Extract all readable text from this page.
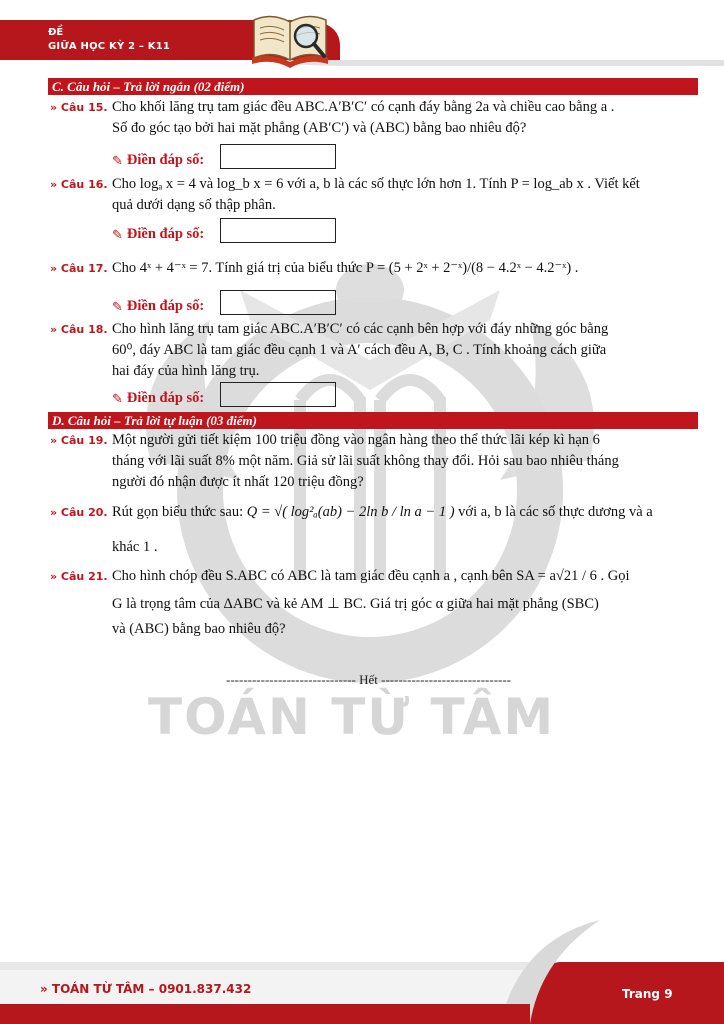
ĐỀ
GIỮA HỌC KỲ 2 – K11
TOÁN TỪ TÂM
C. Câu hỏi – Trả lời ngắn (02 điểm)
» Câu 15. Cho khối lăng trụ tam giác đều ABC.A′B′C′ có cạnh đáy bằng 2a và chiều cao bằng a .
Số đo góc tạo bởi hai mặt phẳng (AB′C′) và (ABC) bằng bao nhiêu độ?
✎ Điền đáp số:
» Câu 16. Cho logₐ x = 4 và log_b x = 6 với a, b là các số thực lớn hơn 1. Tính P = log_ab x . Viết kết
quả dưới dạng số thập phân.
✎ Điền đáp số:
» Câu 17. Cho 4ˣ + 4⁻ˣ = 7. Tính giá trị của biểu thức P = (5 + 2ˣ + 2⁻ˣ)/(8 − 4.2ˣ − 4.2⁻ˣ) .
✎ Điền đáp số:
» Câu 18. Cho hình lăng trụ tam giác ABC.A′B′C′ có các cạnh bên hợp với đáy những góc bằng
60⁰, đáy ABC là tam giác đều cạnh 1 và A′ cách đều A, B, C . Tính khoảng cách giữa
hai đáy của hình lăng trụ.
✎ Điền đáp số:
D. Câu hỏi – Trả lời tự luận (03 điểm)
» Câu 19. Một người gửi tiết kiệm 100 triệu đồng vào ngân hàng theo thể thức lãi kép kì hạn 6
tháng với lãi suất 8% một năm. Giả sử lãi suất không thay đổi. Hỏi sau bao nhiêu tháng
người đó nhận được ít nhất 120 triệu đồng?
» Câu 20. Rút gọn biểu thức sau: Q = √( log²ₐ(ab) − 2ln b / ln a − 1 ) với a, b là các số thực dương và a
khác 1 .
» Câu 21. Cho hình chóp đều S.ABC có ABC là tam giác đều cạnh a , cạnh bên SA = a√21 / 6 . Gọi
G là trọng tâm của ΔABC và kẻ AM ⊥ BC. Giá trị góc α giữa hai mặt phẳng (SBC)
và (ABC) bằng bao nhiêu độ?
------------------------------ Hết ------------------------------
» TOÁN TỪ TÂM – 0901.837.432	Trang 9
